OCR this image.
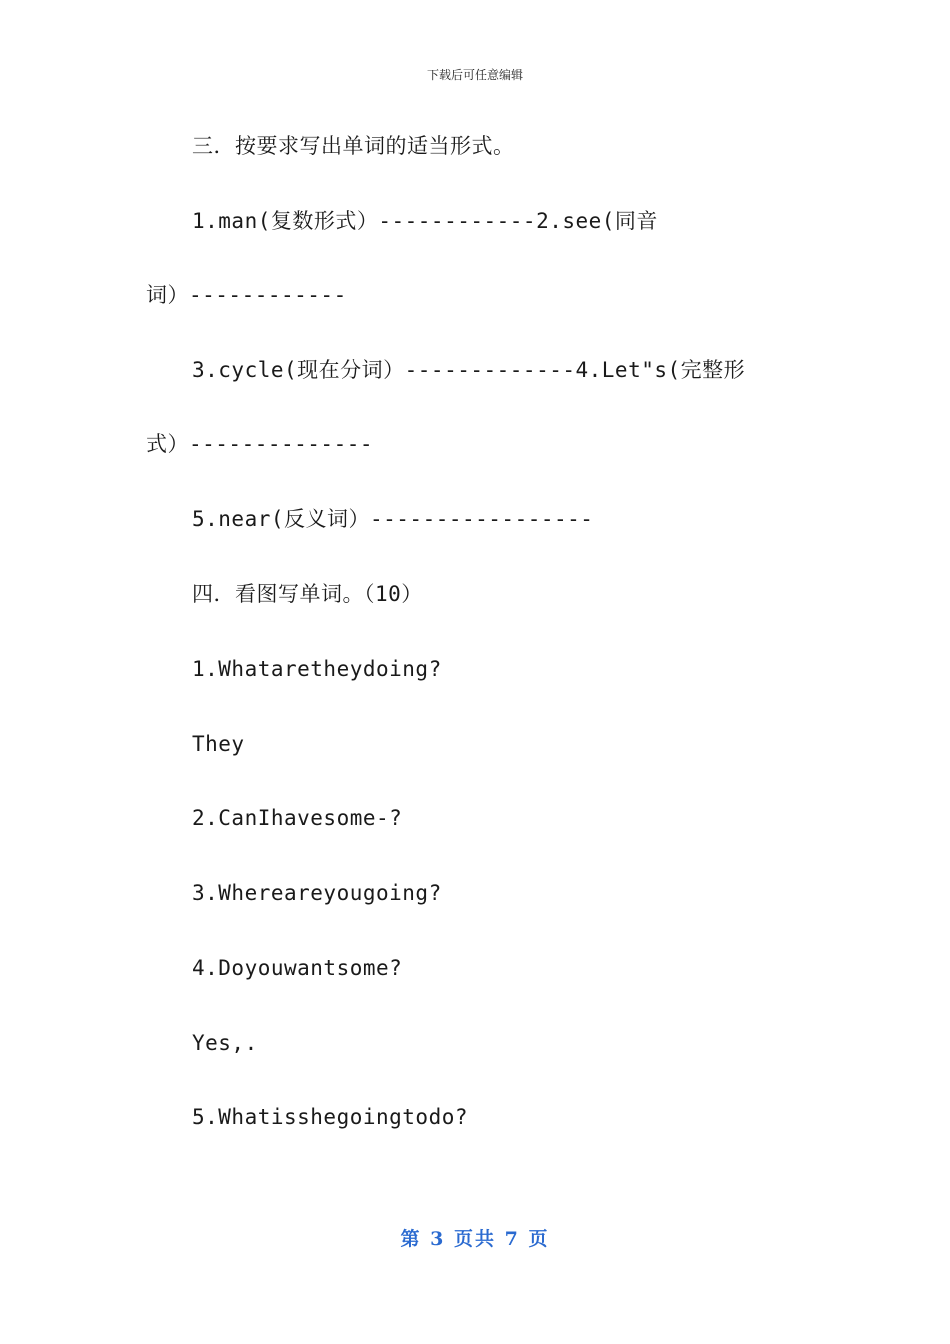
下载后可任意编辑
三．按要求写出单词的适当形式。
1.man(复数形式）------------2.see(同音
词）------------
3.cycle(现在分词）-------------4.Let"s(完整形
式）--------------
5.near(反义词）-----------------
四．看图写单词。（10）
1.Whataretheydoing?
They
2.CanIhavesome-?
3.Whereareyougoing?
4.Doyouwantsome?
Yes,.
5.Whatisshegoingtodo?
第 3 页共 7 页
